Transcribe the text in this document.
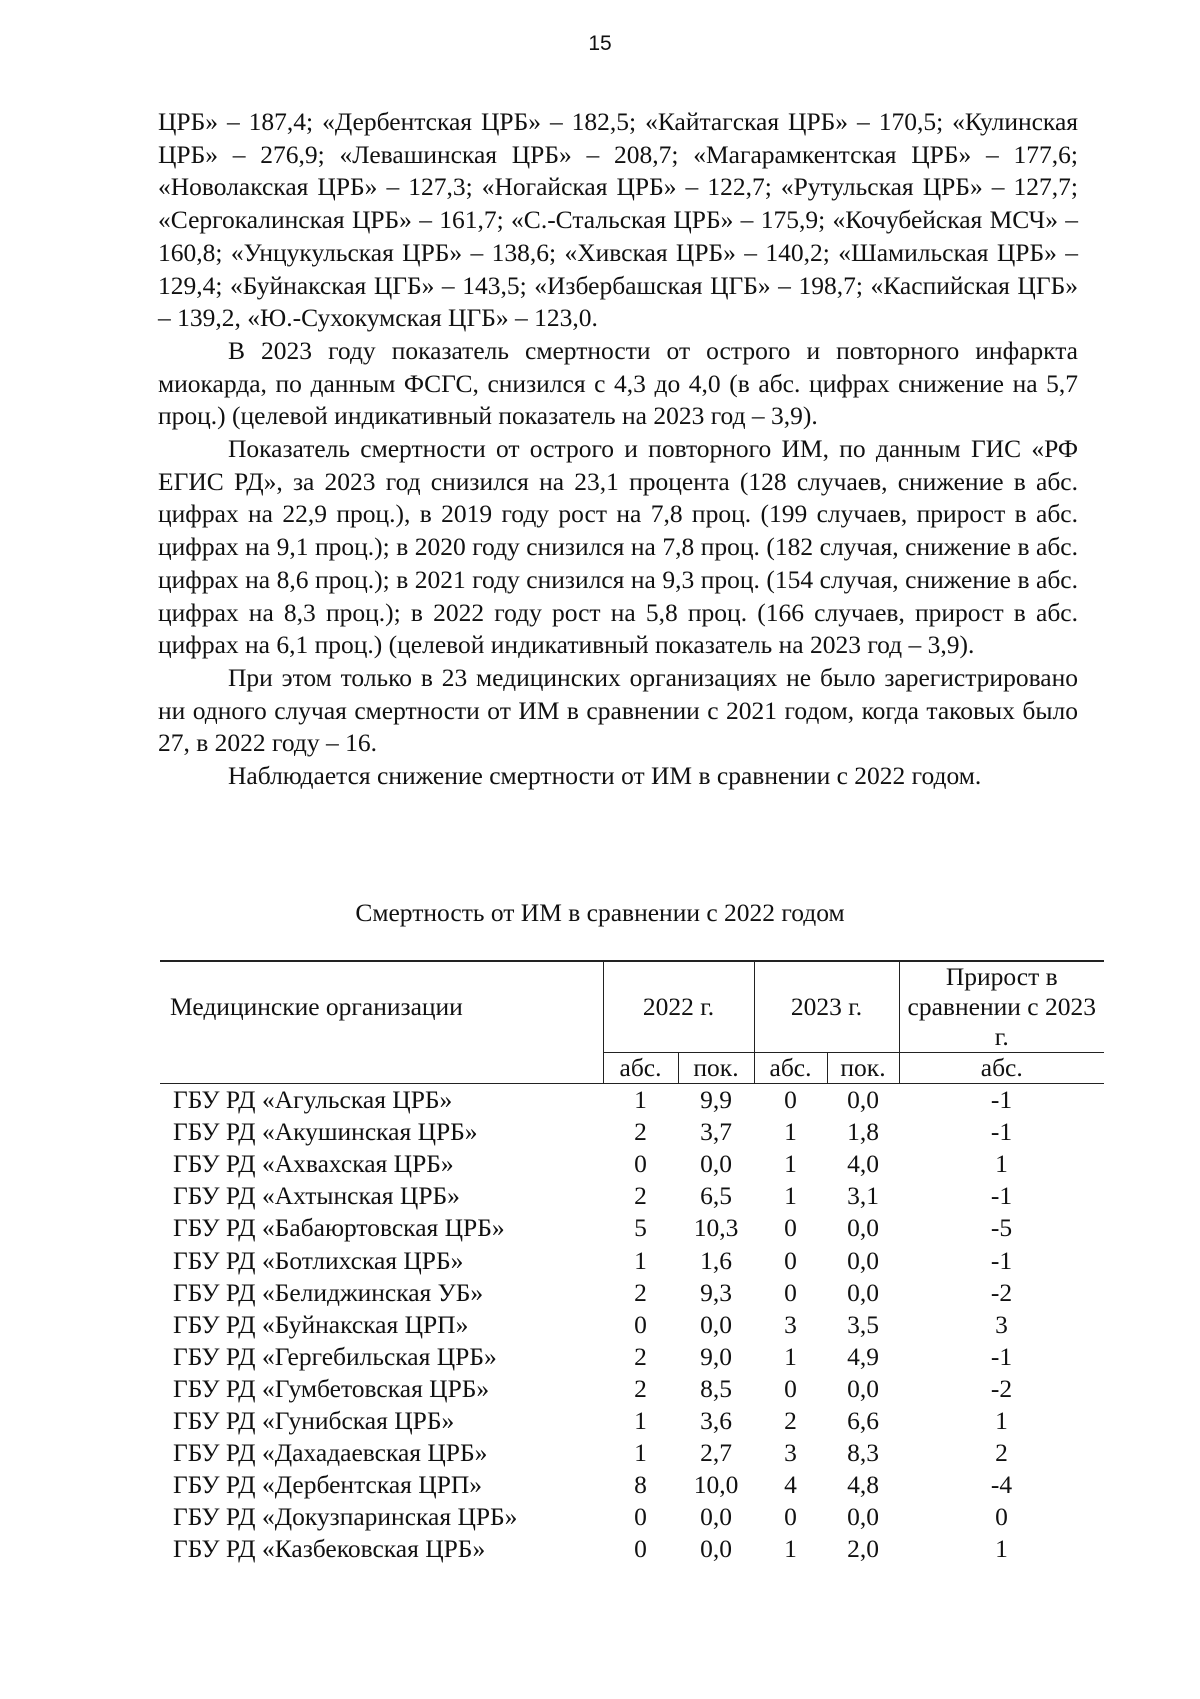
15

ЦРБ» – 187,4; «Дербентская ЦРБ» – 182,5; «Кайтагская ЦРБ» – 170,5; «Кулинская ЦРБ» – 276,9; «Левашинская ЦРБ» – 208,7; «Магарамкентская ЦРБ» – 177,6; «Новолакская ЦРБ» – 127,3; «Ногайская ЦРБ» – 122,7; «Рутульская ЦРБ» – 127,7; «Сергокалинская ЦРБ» – 161,7; «С.-Стальская ЦРБ» – 175,9; «Кочубейская МСЧ» –160,8; «Унцукульская ЦРБ» – 138,6; «Хивская ЦРБ» – 140,2; «Шамильская ЦРБ» – 129,4; «Буйнакская ЦГБ» – 143,5; «Избербашская ЦГБ» – 198,7; «Каспийская ЦГБ» – 139,2, «Ю.-Сухокумская ЦГБ» – 123,0.

В 2023 году показатель смертности от острого и повторного инфаркта миокарда, по данным ФСГС, снизился с 4,3 до 4,0 (в абс. цифрах снижение на 5,7 проц.) (целевой индикативный показатель на 2023 год – 3,9).

Показатель смертности от острого и повторного ИМ, по данным ГИС «РФ ЕГИС РД», за 2023 год снизился на 23,1 процента (128 случаев, снижение в абс. цифрах на 22,9 проц.), в 2019 году рост на 7,8 проц. (199 случаев, прирост в абс. цифрах на 9,1 проц.); в 2020 году снизился на 7,8 проц. (182 случая, снижение в абс. цифрах на 8,6 проц.); в 2021 году снизился на 9,3 проц. (154 случая, снижение в абс. цифрах на 8,3 проц.); в 2022 году рост на 5,8 проц. (166 случаев, прирост в абс. цифрах на 6,1 проц.) (целевой индикативный показатель на 2023 год – 3,9).

При этом только в 23 медицинских организациях не было зарегистрировано ни одного случая смертности от ИМ в сравнении с 2021 годом, когда таковых было 27, в 2022 году – 16.

Наблюдается снижение смертности от ИМ в сравнении с 2022 годом.

Смертность от ИМ в сравнении с 2022 годом
Медицинские организации	2022 г.		2023 г.		Прирост в сравнении с 2023 г.
	абс.	пок.	абс.	пок.	абс.
ГБУ РД «Агульская ЦРБ»	1	9,9	0	0,0	-1
ГБУ РД «Акушинская ЦРБ»	2	3,7	1	1,8	-1
ГБУ РД «Ахвахская ЦРБ»	0	0,0	1	4,0	1
ГБУ РД «Ахтынская ЦРБ»	2	6,5	1	3,1	-1
ГБУ РД «Бабаюртовская ЦРБ»	5	10,3	0	0,0	-5
ГБУ РД «Ботлихская ЦРБ»	1	1,6	0	0,0	-1
ГБУ РД «Белиджинская УБ»	2	9,3	0	0,0	-2
ГБУ РД «Буйнакская ЦРП»	0	0,0	3	3,5	3
ГБУ РД «Гергебильская ЦРБ»	2	9,0	1	4,9	-1
ГБУ РД «Гумбетовская ЦРБ»	2	8,5	0	0,0	-2
ГБУ РД «Гунибская ЦРБ»	1	3,6	2	6,6	1
ГБУ РД «Дахадаевская ЦРБ»	1	2,7	3	8,3	2
ГБУ РД «Дербентская ЦРП»	8	10,0	4	4,8	-4
ГБУ РД «Докузпаринская ЦРБ»	0	0,0	0	0,0	0
ГБУ РД «Казбековская ЦРБ»	0	0,0	1	2,0	1
